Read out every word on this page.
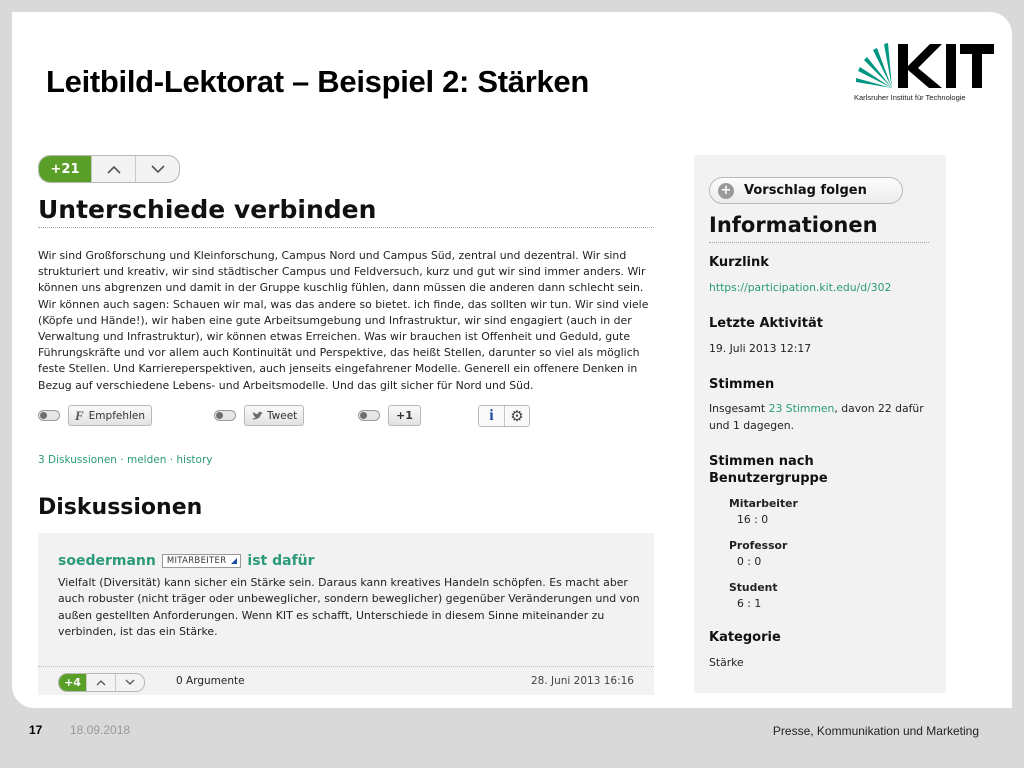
Leitbild-Lektorat – Beispiel 2: Stärken	Karlsruher Institut für Technologie
+21
Unterschiede verbinden
Wir sind Großforschung und Kleinforschung, Campus Nord und Campus Süd, zentral und dezentral. Wir sind strukturiert und kreativ, wir sind städtischer Campus und Feldversuch, kurz und gut wir sind immer anders. Wir können uns abgrenzen und damit in der Gruppe kuschlig fühlen, dann müssen die anderen dann schlecht sein. Wir können auch sagen: Schauen wir mal, was das andere so bietet. ich finde, das sollten wir tun. Wir sind viele (Köpfe und Hände!), wir haben eine gute Arbeitsumgebung und Infrastruktur, wir sind engagiert (auch in der Verwaltung und Infrastruktur), wir können etwas Erreichen. Was wir brauchen ist Offenheit und Geduld, gute Führungskräfte und vor allem auch Kontinuität und Perspektive, das heißt Stellen, darunter so viel als möglich feste Stellen. Und Karriereperspektiven, auch jenseits eingefahrener Modelle. Generell ein offenere Denken in Bezug auf verschiedene Lebens- und Arbeitsmodelle. Und das gilt sicher für Nord und Süd.
F Empfehlen	Tweet	+1	i	⚙
3 Diskussionen · melden · history
Diskussionen
soedermann	MITARBEITER	ist dafür
Vielfalt (Diversität) kann sicher ein Stärke sein. Daraus kann kreatives Handeln schöpfen. Es macht aber auch robuster (nicht träger oder unbeweglicher, sondern beweglicher) gegenüber Veränderungen und von außen gestellten Anforderungen. Wenn KIT es schafft, Unterschiede in diesem Sinne miteinander zu verbinden, ist das ein Stärke.
+4	0 Argumente	28. Juni 2013 16:16
+ Vorschlag folgen
Informationen
Kurzlink
https://participation.kit.edu/d/302
Letzte Aktivität
19. Juli 2013 12:17
Stimmen
Insgesamt 23 Stimmen, davon 22 dafür
und 1 dagegen.
Stimmen nach Benutzergruppe
Mitarbeiter
16 : 0
Professor
0 : 0
Student
6 : 1
Kategorie
Stärke
17 18.09.2018	Presse, Kommunikation und Marketing
